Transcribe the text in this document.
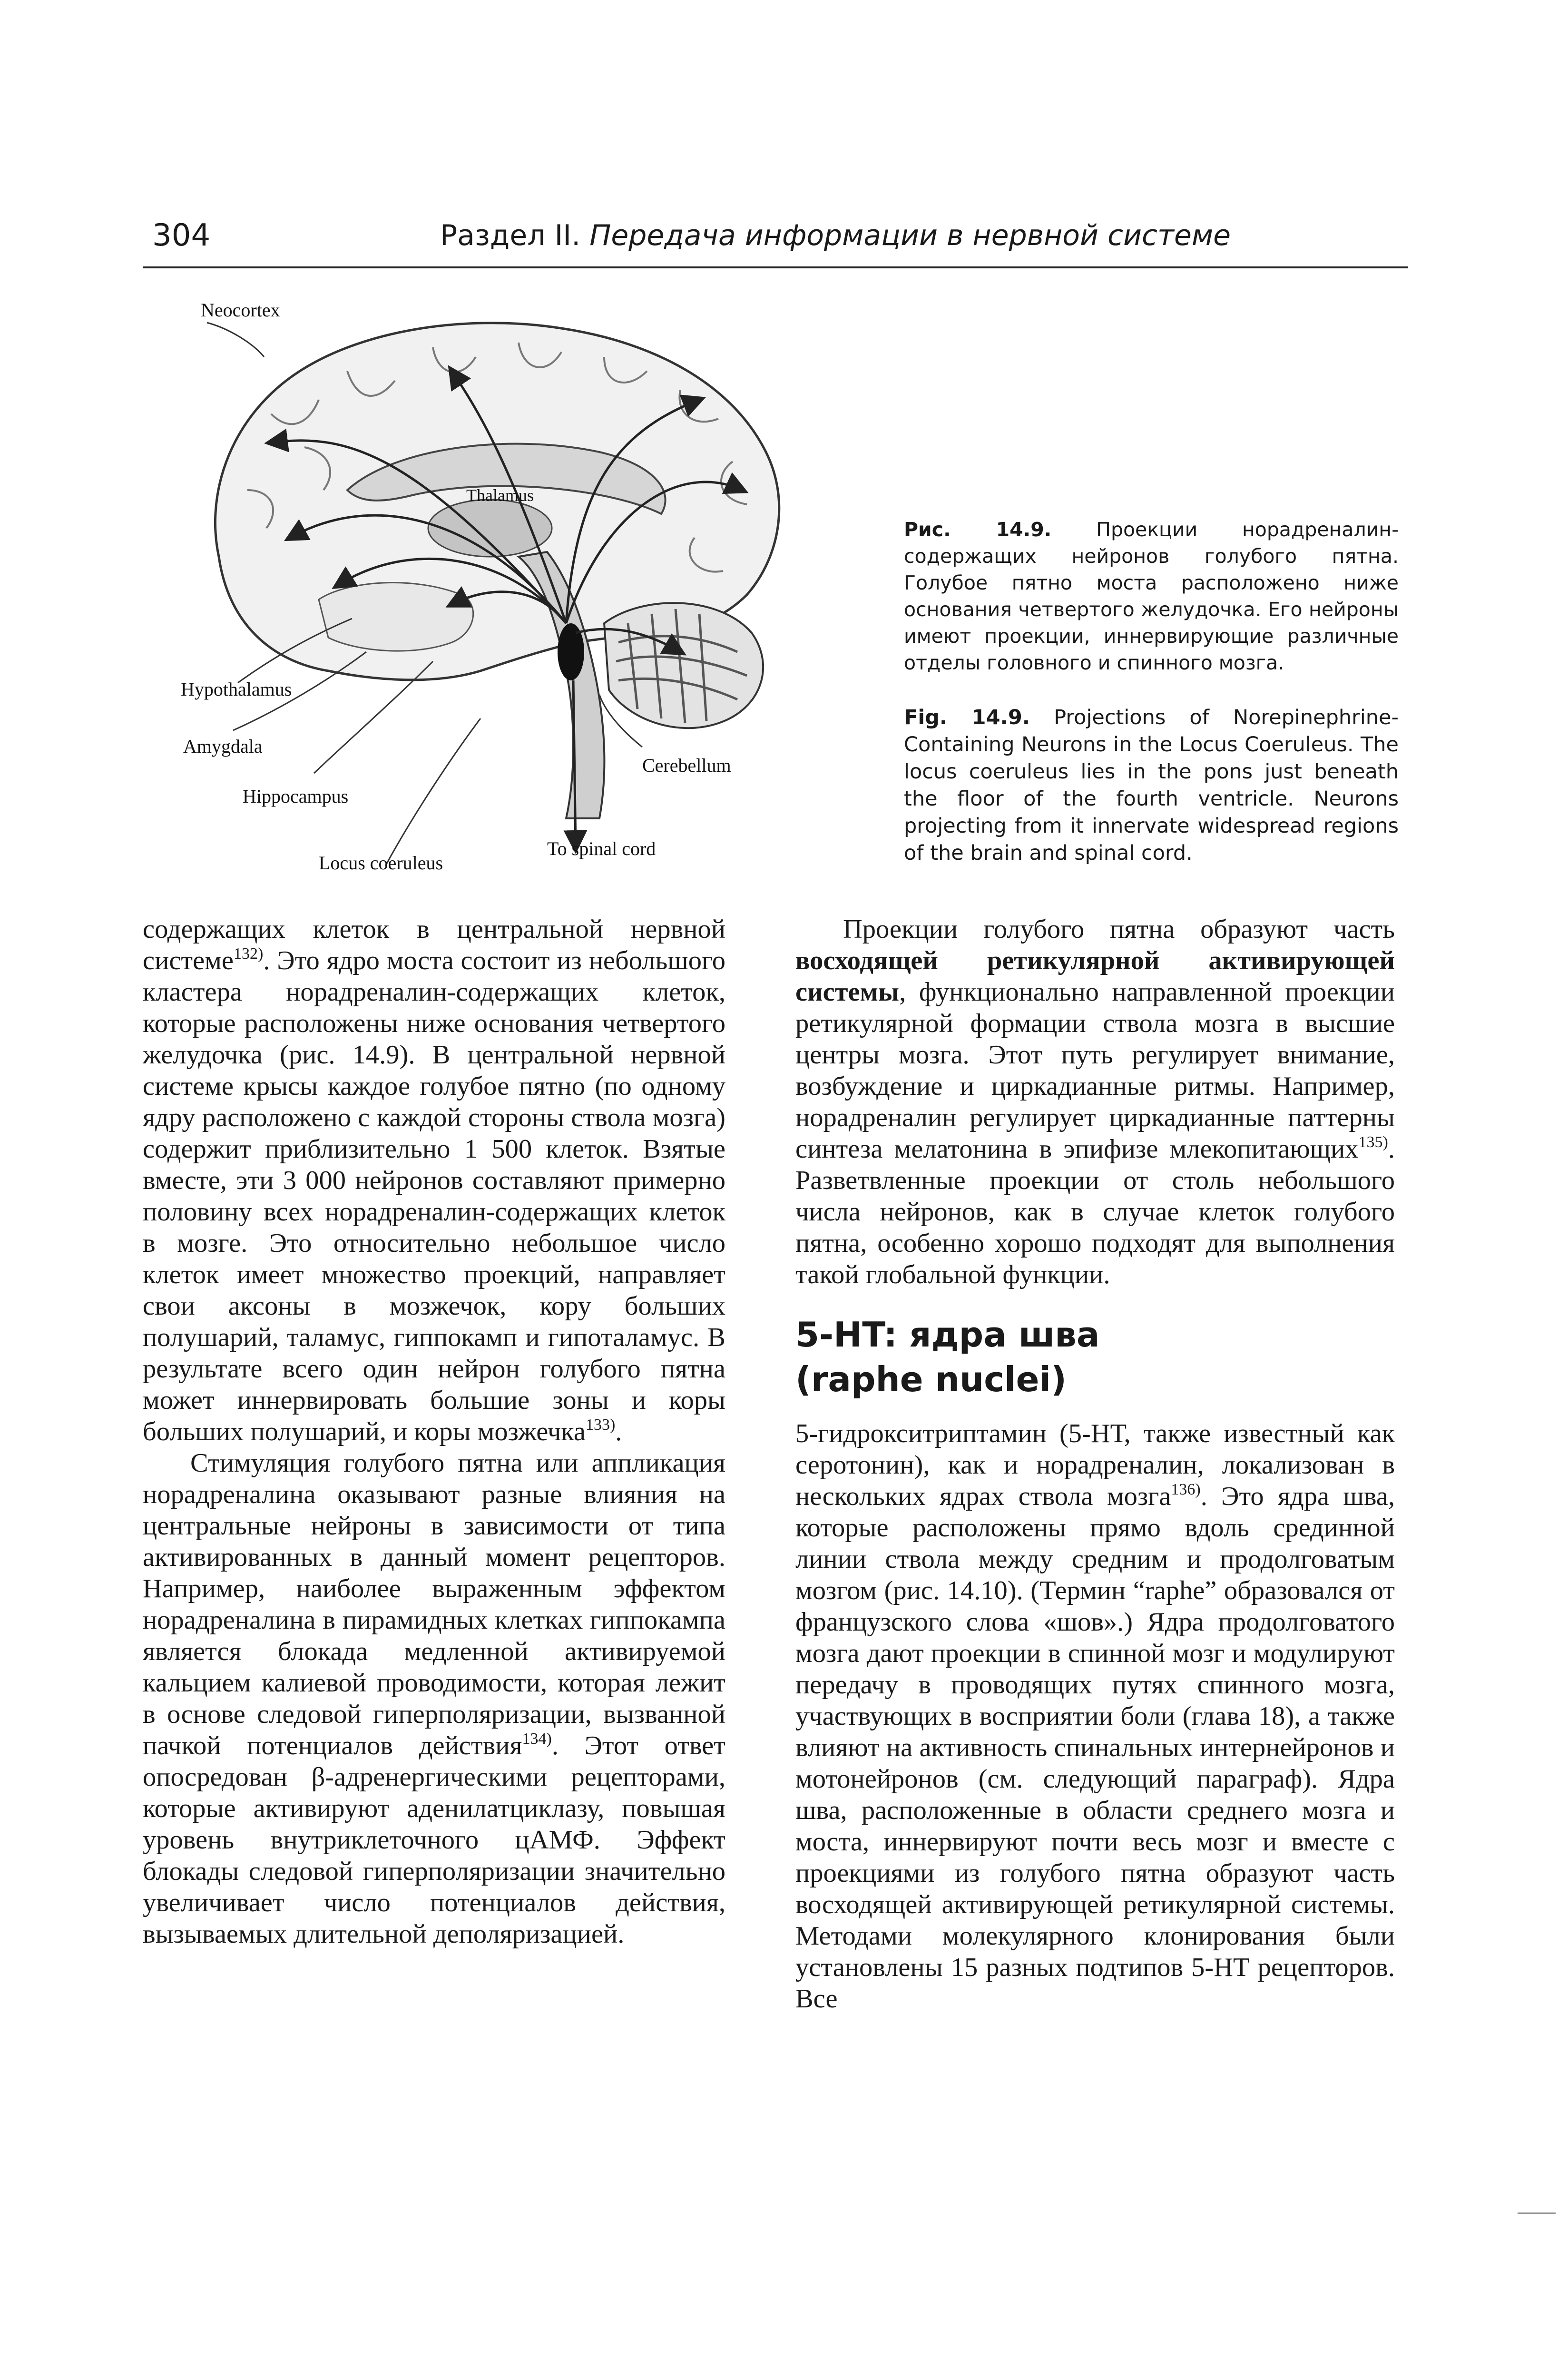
304	Раздел II. Передача информации в нервной системе
Neocortex
Thalamus
Hypothalamus
Amygdala
Hippocampus
Locus coeruleus
Cerebellum
To spinal cord
Рис. 14.9. Проекции норадреналин-содержащих нейронов голубого пятна. Голубое пятно моста расположено ниже основания четвертого желудочка. Его нейроны имеют проекции, иннервирующие различные отделы головного и спинного мозга.
Fig. 14.9. Projections of Norepinephrine-Containing Neurons in the Locus Coeruleus. The locus coeruleus lies in the pons just beneath the floor of the fourth ventricle. Neurons projecting from it innervate widespread regions of the brain and spinal cord.

содержащих клеток в центральной нервной системе$^{132)}$. Это ядро моста состоит из небольшого кластера норадреналин-содержащих клеток, которые расположены ниже основания четвертого желудочка (рис. 14.9). В центральной нервной системе крысы каждое голубое пятно (по одному ядру расположено с каждой стороны ствола мозга) содержит приблизительно 1 500 клеток. Взятые вместе, эти 3 000 нейронов составляют примерно половину всех норадреналин-содержащих клеток в мозге. Это относительно небольшое число клеток имеет множество проекций, направляет свои аксоны в мозжечок, кору больших полушарий, таламус, гиппокамп и гипоталамус. В результате всего один нейрон голубого пятна может иннервировать большие зоны и коры больших полушарий, и коры мозжечка$^{133)}$.

Стимуляция голубого пятна или аппликация норадреналина оказывают разные влияния на центральные нейроны в зависимости от типа активированных в данный момент рецепторов. Например, наиболее выраженным эффектом норадреналина в пирамидных клетках гиппокампа является блокада медленной активируемой кальцием калиевой проводимости, которая лежит в основе следовой гиперполяризации, вызванной пачкой потенциалов действия$^{134)}$. Этот ответ опосредован β-адренергическими рецепторами, которые активируют аденилатциклазу, повышая уровень внутриклеточного цАМФ. Эффект блокады следовой гиперполяризации значительно увеличивает число потенциалов действия, вызываемых длительной деполяризацией.

Проекции голубого пятна образуют часть восходящей ретикулярной активирующей системы, функционально направленной проекции ретикулярной формации ствола мозга в высшие центры мозга. Этот путь регулирует внимание, возбуждение и циркадианные ритмы. Например, норадреналин регулирует циркадианные паттерны синтеза мелатонина в эпифизе млекопитающих$^{135)}$. Разветвленные проекции от столь небольшого числа нейронов, как в случае клеток голубого пятна, особенно хорошо подходят для выполнения такой глобальной функции.

5-HT: ядра шва
(raphe nuclei)

5-гидрокситриптамин (5-НТ, также известный как серотонин), как и норадреналин, локализован в нескольких ядрах ствола мозга$^{136)}$. Это ядра шва, которые расположены прямо вдоль срединной линии ствола между средним и продолговатым мозгом (рис. 14.10). (Термин “raphe” образовался от французского слова «шов».) Ядра продолговатого мозга дают проекции в спинной мозг и модулируют передачу в проводящих путях спинного мозга, участвующих в восприятии боли (глава 18), а также влияют на активность спинальных интернейронов и мотонейронов (см. следующий параграф). Ядра шва, расположенные в области среднего мозга и моста, иннервируют почти весь мозг и вместе с проекциями из голубого пятна образуют часть восходящей активирующей ретикулярной системы. Методами молекулярного клонирования были установлены 15 разных подтипов 5-НТ рецепторов. Все
